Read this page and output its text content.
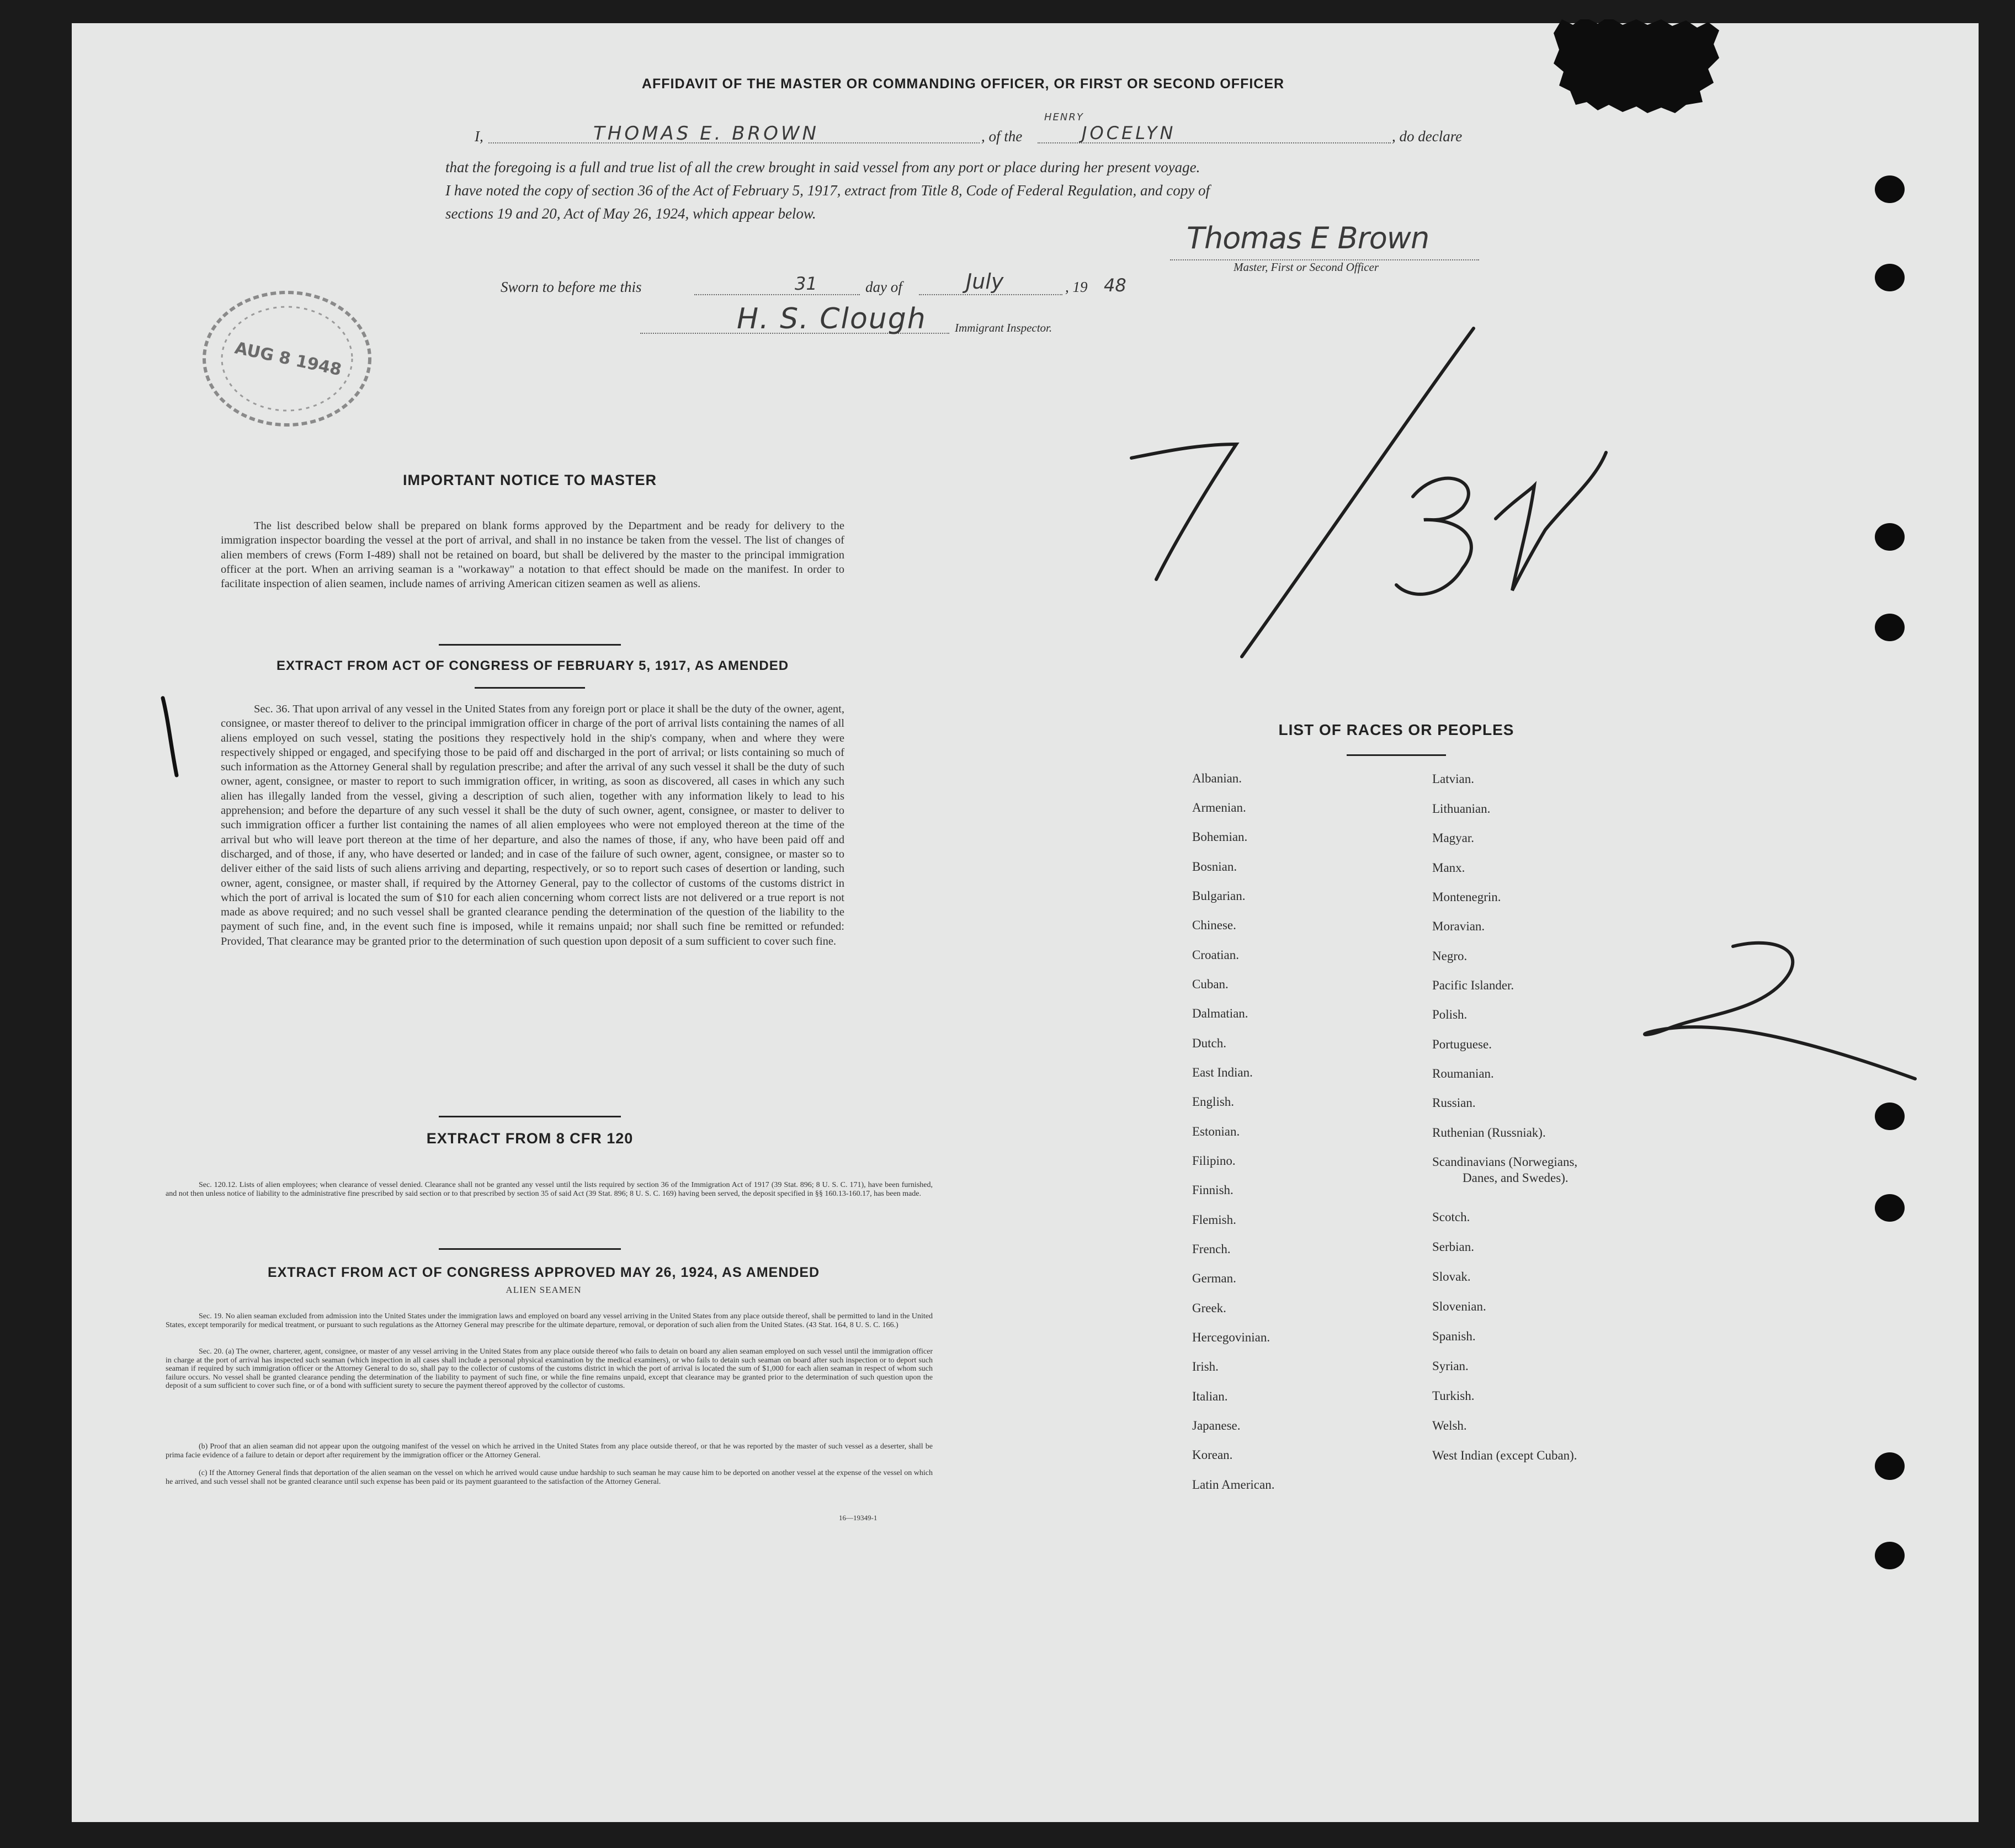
AFFIDAVIT OF THE MASTER OR COMMANDING OFFICER, OR FIRST OR SECOND OFFICER
I,	THOMAS E. BROWN	, of the
HENRY
JOCELYN	, do declare
that the foregoing is a full and true list of all the crew brought in said vessel from any port or place during her present voyage.
I have noted the copy of section 36 of the Act of February 5, 1917, extract from Title 8, Code of Federal Regulation, and copy of
sections 19 and 20, Act of May 26, 1924, which appear below.
Thomas E Brown
Master, First or Second Officer
Sworn to before me this	31	day of	July	, 19 48
H. S. Clough Immigrant Inspector.
AUG 8 1948
IMPORTANT NOTICE TO MASTER
The list described below shall be prepared on blank forms approved by the Department and be ready for delivery to the immigration inspector boarding the vessel at the port of arrival, and shall in no instance be taken from the vessel. The list of changes of alien members of crews (Form I-489) shall not be retained on board, but shall be delivered by the master to the principal immigration officer at the port. When an arriving seaman is a "workaway" a notation to that effect should be made on the manifest. In order to facilitate inspection of alien seamen, include names of arriving American citizen seamen as well as aliens.
EXTRACT FROM ACT OF CONGRESS OF FEBRUARY 5, 1917, AS AMENDED
Sec. 36. That upon arrival of any vessel in the United States from any foreign port or place it shall be the duty of the owner, agent, consignee, or master thereof to deliver to the principal immigration officer in charge of the port of arrival lists containing the names of all aliens employed on such vessel, stating the positions they respectively hold in the ship's company, when and where they were respectively shipped or engaged, and specifying those to be paid off and discharged in the port of arrival; or lists containing so much of such information as the Attorney General shall by regulation prescribe; and after the arrival of any such vessel it shall be the duty of such owner, agent, consignee, or master to report to such immigration officer, in writing, as soon as discovered, all cases in which any such alien has illegally landed from the vessel, giving a description of such alien, together with any information likely to lead to his apprehension; and before the departure of any such vessel it shall be the duty of such owner, agent, consignee, or master to deliver to such immigration officer a further list containing the names of all alien employees who were not employed thereon at the time of the arrival but who will leave port thereon at the time of her departure, and also the names of those, if any, who have been paid off and discharged, and of those, if any, who have deserted or landed; and in case of the failure of such owner, agent, consignee, or master so to deliver either of the said lists of such aliens arriving and departing, respectively, or so to report such cases of desertion or landing, such owner, agent, consignee, or master shall, if required by the Attorney General, pay to the collector of customs of the customs district in which the port of arrival is located the sum of $10 for each alien concerning whom correct lists are not delivered or a true report is not made as above required; and no such vessel shall be granted clearance pending the determination of the question of the liability to the payment of such fine, and, in the event such fine is imposed, while it remains unpaid; nor shall such fine be remitted or refunded: Provided, That clearance may be granted prior to the determination of such question upon deposit of a sum sufficient to cover such fine.
EXTRACT FROM 8 CFR 120
Sec. 120.12. Lists of alien employees; when clearance of vessel denied. Clearance shall not be granted any vessel until the lists required by section 36 of the Immigration Act of 1917 (39 Stat. 896; 8 U. S. C. 171), have been furnished, and not then unless notice of liability to the administrative fine prescribed by said section or to that prescribed by section 35 of said Act (39 Stat. 896; 8 U. S. C. 169) having been served, the deposit specified in §§ 160.13-160.17, has been made.
EXTRACT FROM ACT OF CONGRESS APPROVED MAY 26, 1924, AS AMENDED
ALIEN SEAMEN
Sec. 19. No alien seaman excluded from admission into the United States under the immigration laws and employed on board any vessel arriving in the United States from any place outside thereof, shall be permitted to land in the United States, except temporarily for medical treatment, or pursuant to such regulations as the Attorney General may prescribe for the ultimate departure, removal, or deporation of such alien from the United States. (43 Stat. 164, 8 U. S. C. 166.)
Sec. 20. (a) The owner, charterer, agent, consignee, or master of any vessel arriving in the United States from any place outside thereof who fails to detain on board any alien seaman employed on such vessel until the immigration officer in charge at the port of arrival has inspected such seaman (which inspection in all cases shall include a personal physical examination by the medical examiners), or who fails to detain such seaman on board after such inspection or to deport such seaman if required by such immigration officer or the Attorney General to do so, shall pay to the collector of customs of the customs district in which the port of arrival is located the sum of $1,000 for each alien seaman in respect of whom such failure occurs. No vessel shall be granted clearance pending the determination of the liability to payment of such fine, or while the fine remains unpaid, except that clearance may be granted prior to the determination of such question upon the deposit of a sum sufficient to cover such fine, or of a bond with sufficient surety to secure the payment thereof approved by the collector of customs.
(b) Proof that an alien seaman did not appear upon the outgoing manifest of the vessel on which he arrived in the United States from any place outside thereof, or that he was reported by the master of such vessel as a deserter, shall be prima facie evidence of a failure to detain or deport after requirement by the immigration officer or the Attorney General.
(c) If the Attorney General finds that deportation of the alien seaman on the vessel on which he arrived would cause undue hardship to such seaman he may cause him to be deported on another vessel at the expense of the vessel on which he arrived, and such vessel shall not be granted clearance until such expense has been paid or its payment guaranteed to the satisfaction of the Attorney General.
16—19349-1
LIST OF RACES OR PEOPLES
Albanian.
Armenian.
Bohemian.
Bosnian.
Bulgarian.
Chinese.
Croatian.
Cuban.
Dalmatian.
Dutch.
East Indian.
English.
Estonian.
Filipino.
Finnish.
Flemish.
French.
German.
Greek.
Hercegovinian.
Irish.
Italian.
Japanese.
Korean.
Latin American.
Latvian.
Lithuanian.
Magyar.
Manx.
Montenegrin.
Moravian.
Negro.
Pacific Islander.
Polish.
Portuguese.
Roumanian.
Russian.
Ruthenian (Russniak).
Scandinavians (Norwegians,
Danes, and Swedes).
Scotch.
Serbian.
Slovak.
Slovenian.
Spanish.
Syrian.
Turkish.
Welsh.
West Indian (except Cuban).
